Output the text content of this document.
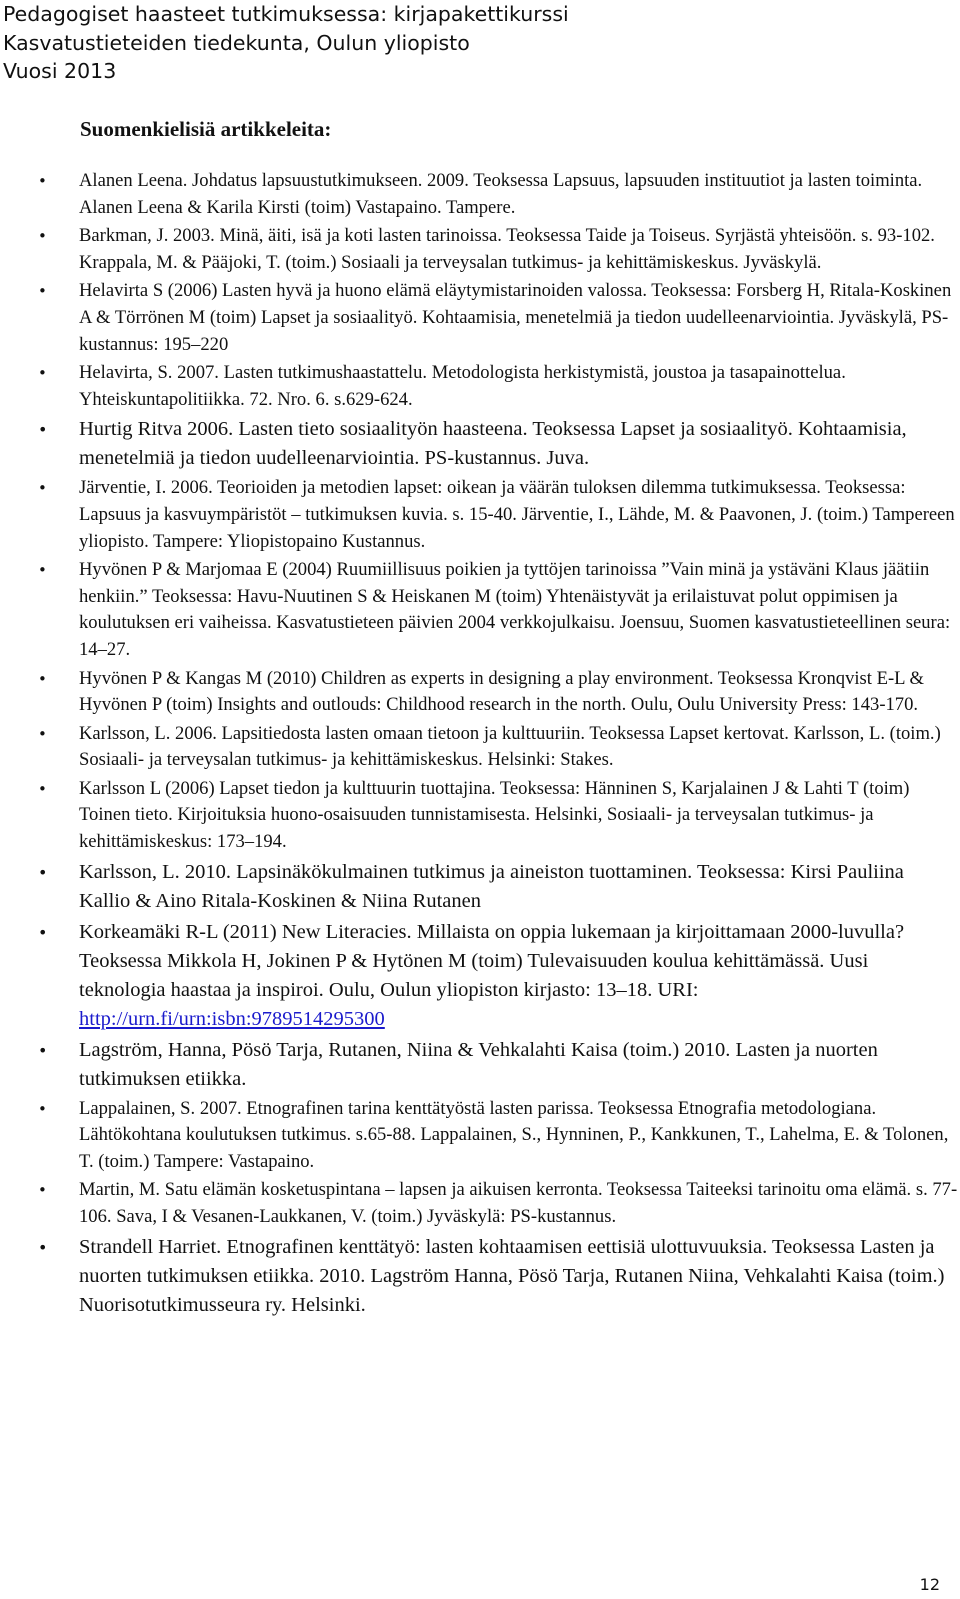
Pedagogiset haasteet tutkimuksessa: kirjapakettikurssi
Kasvatustieteiden tiedekunta, Oulun yliopisto
Vuosi 2013
Suomenkielisiä artikkeleita:
• Alanen Leena. Johdatus lapsuustutkimukseen. 2009. Teoksessa Lapsuus, lapsuuden instituutiot ja lasten toiminta. Alanen Leena & Karila Kirsti (toim) Vastapaino. Tampere.
• Barkman, J. 2003. Minä, äiti, isä ja koti lasten tarinoissa. Teoksessa Taide ja Toiseus. Syrjästä yhteisöön. s. 93-102. Krappala, M. & Pääjoki, T. (toim.) Sosiaali ja terveysalan tutkimus- ja kehittämiskeskus. Jyväskylä.
• Helavirta S (2006) Lasten hyvä ja huono elämä eläytymistarinoiden valossa. Teoksessa: Forsberg H, Ritala-Koskinen A & Törrönen M (toim) Lapset ja sosiaalityö. Kohtaamisia, menetelmiä ja tiedon uudelleenarviointia. Jyväskylä, PS-kustannus: 195–220
• Helavirta, S. 2007. Lasten tutkimushaastattelu. Metodologista herkistymistä, joustoa ja tasapainottelua. Yhteiskuntapolitiikka. 72. Nro. 6. s.629-624.
• Hurtig Ritva 2006. Lasten tieto sosiaalityön haasteena. Teoksessa Lapset ja sosiaalityö. Kohtaamisia, menetelmiä ja tiedon uudelleenarviointia. PS-kustannus. Juva.
• Järventie, I. 2006. Teorioiden ja metodien lapset: oikean ja väärän tuloksen dilemma tutkimuksessa. Teoksessa: Lapsuus ja kasvuympäristöt – tutkimuksen kuvia. s. 15-40. Järventie, I., Lähde, M. & Paavonen, J. (toim.) Tampereen yliopisto. Tampere: Yliopistopaino Kustannus.
• Hyvönen P & Marjomaa E (2004) Ruumiillisuus poikien ja tyttöjen tarinoissa ”Vain minä ja ystäväni Klaus jäätiin henkiin.” Teoksessa: Havu-Nuutinen S & Heiskanen M (toim) Yhtenäistyvät ja erilaistuvat polut oppimisen ja koulutuksen eri vaiheissa. Kasvatustieteen päivien 2004 verkkojulkaisu. Joensuu, Suomen kasvatustieteellinen seura: 14–27.
• Hyvönen P & Kangas M (2010) Children as experts in designing a play environment. Teoksessa Kronqvist E-L & Hyvönen P (toim) Insights and outlouds: Childhood research in the north. Oulu, Oulu University Press: 143-170.
• Karlsson, L. 2006. Lapsitiedosta lasten omaan tietoon ja kulttuuriin. Teoksessa Lapset kertovat. Karlsson, L. (toim.) Sosiaali- ja terveysalan tutkimus- ja kehittämiskeskus. Helsinki: Stakes.
• Karlsson L (2006) Lapset tiedon ja kulttuurin tuottajina. Teoksessa: Hänninen S, Karjalainen J & Lahti T (toim) Toinen tieto. Kirjoituksia huono-osaisuuden tunnistamisesta. Helsinki, Sosiaali- ja terveysalan tutkimus- ja kehittämiskeskus: 173–194.
• Karlsson, L. 2010. Lapsinäkökulmainen tutkimus ja aineiston tuottaminen. Teoksessa: Kirsi Pauliina Kallio & Aino Ritala-Koskinen & Niina Rutanen
• Korkeamäki R-L (2011) New Literacies. Millaista on oppia lukemaan ja kirjoittamaan 2000-luvulla? Teoksessa Mikkola H, Jokinen P & Hytönen M (toim) Tulevaisuuden koulua kehittämässä. Uusi teknologia haastaa ja inspiroi. Oulu, Oulun yliopiston kirjasto: 13–18. URI: http://urn.fi/urn:isbn:9789514295300
• Lagström, Hanna, Pösö Tarja, Rutanen, Niina & Vehkalahti Kaisa (toim.) 2010. Lasten ja nuorten tutkimuksen etiikka.
• Lappalainen, S. 2007. Etnografinen tarina kenttätyöstä lasten parissa. Teoksessa Etnografia metodologiana. Lähtökohtana koulutuksen tutkimus. s.65-88. Lappalainen, S., Hynninen, P., Kankkunen, T., Lahelma, E. & Tolonen, T. (toim.) Tampere: Vastapaino.
• Martin, M. Satu elämän kosketuspintana – lapsen ja aikuisen kerronta. Teoksessa Taiteeksi tarinoitu oma elämä. s. 77-106. Sava, I & Vesanen-Laukkanen, V. (toim.) Jyväskylä: PS-kustannus.
• Strandell Harriet. Etnografinen kenttätyö: lasten kohtaamisen eettisiä ulottuvuuksia. Teoksessa Lasten ja nuorten tutkimuksen etiikka. 2010. Lagström Hanna, Pösö Tarja, Rutanen Niina, Vehkalahti Kaisa (toim.) Nuorisotutkimusseura ry. Helsinki.
12
